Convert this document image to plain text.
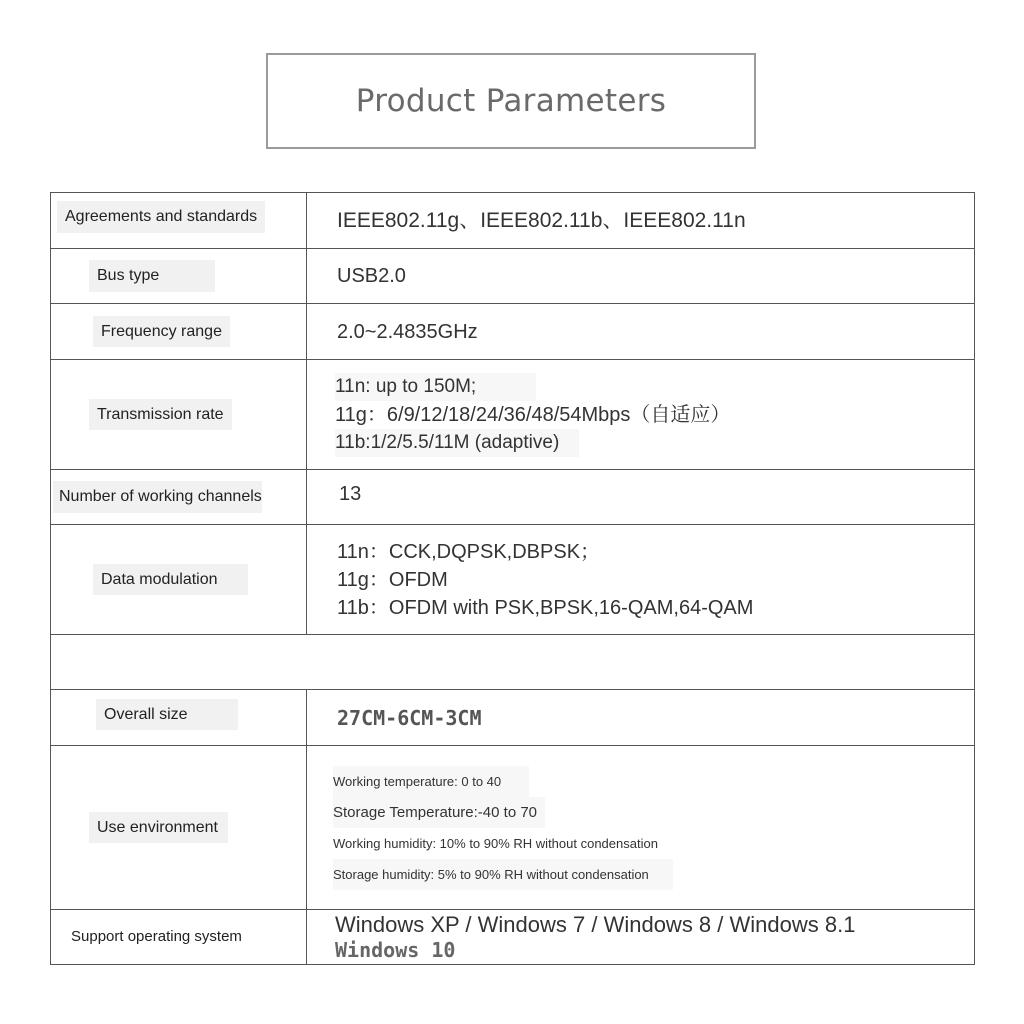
Product Parameters
Agreements and standards	IEEE802.11g、IEEE802.11b、IEEE802.11n

Bus type	USB2.0

Frequency range	2.0~2.4835GHz

Transmission rate	11n: up to 150M;
11g：6/9/12/18/24/36/48/54Mbps（自适应）
11b:1/2/5.5/11M (adaptive)

Number of working channels	13

Data modulation	11n：CCK,DQPSK,DBPSK；
11g：OFDM
11b：OFDM with PSK,BPSK,16-QAM,64-QAM

Overall size	27CM-6CM-3CM

Use environment	Working temperature: 0 to 40
Storage Temperature:-40 to 70
Working humidity: 10% to 90% RH without condensation
Storage humidity: 5% to 90% RH without condensation

Support operating system	Windows XP / Windows 7 / Windows 8 / Windows 8.1
Windows 10
